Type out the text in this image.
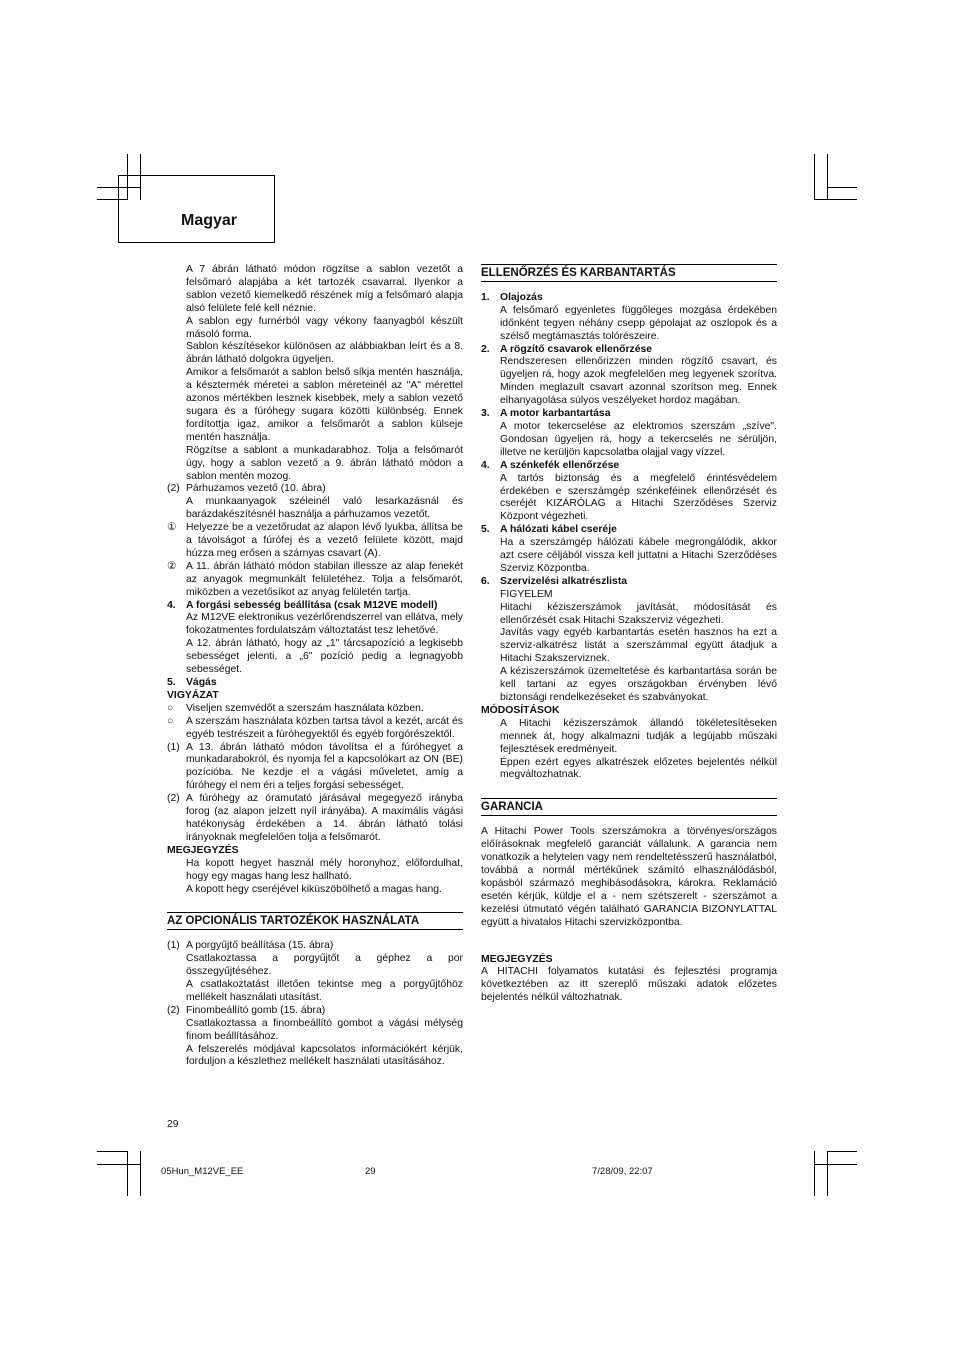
Magyar
A 7 ábrán látható módon rögzítse a sablon vezetőt a felsőmaró alapjába a két tartozék csavarral. Ilyenkor a sablon vezető kiemelkedő részének míg a felsőmaró alapja alsó felülete felé kell néznie.
A sablon egy furnérból vagy vékony faanyagból készült másoló forma.
Sablon készítésekor különösen az alábbiakban leírt és a 8. ábrán látható dolgokra ügyeljen.
Amikor a felsőmarót a sablon belső síkja mentén használja, a késztermék méretei a sablon méreteinél az "A" mérettel azonos mértékben lesznek kisebbek, mely a sablon vezető sugara és a fúróhegy sugara közötti különbség. Ennek fordítottja igaz, amikor a felsőmarót a sablon külseje mentén használja.
Rögzítse a sablont a munkadarabhoz. Tolja a felsőmarót úgy, hogy a sablon vezető a 9. ábrán látható módon a sablon mentén mozog.
(2) Párhuzamos vezető (10. ábra)
A munkaanyagok széleinél való lesarkazásnál és barázdakészítésnél használja a párhuzamos vezetőt.
① Helyezze be a vezetőrudat az alapon lévő lyukba, állítsa be a távolságot a fúrófej és a vezető felülete között, majd húzza meg erősen a szárnyas csavart (A).
② A 11. ábrán látható módon stabilan illessze az alap fenekét az anyagok megmunkált felületéhez. Tolja a felsőmarót, miközben a vezetősíkot az anyag felületén tartja.
4. A forgási sebesség beállítása (csak M12VE modell)
Az M12VE elektronikus vezérlőrendszerrel van ellátva, mely fokozatmentes fordulatszám változtatást tesz lehetővé.
A 12. ábrán látható, hogy az „1" tárcsapozíció a legkisebb sebességet jelenti, a „6" pozíció pedig a legnagyobb sebességet.
5. Vágás
VIGYÁZAT
○	Viseljen szemvédőt a szerszám használata közben.
○	A szerszám használata közben tartsa távol a kezét, arcát és egyéb testrészeit a fúróhegyektől és egyéb forgórészektől.
(1) A 13. ábrán látható módon távolítsa el a fúróhegyet a munkadarabokról, és nyomja fel a kapcsolókart az ON (BE) pozícióba. Ne kezdje el a vágási műveletet, amíg a fúróhegy el nem éri a teljes forgási sebességet.
(2) A fúróhegy az óramutató járásával megegyező irányba forog (az alapon jelzett nyíl irányába). A maximális vágási hatékonyság érdekében a 14. ábrán látható tolási irányoknak megfelelően tolja a felsőmarót.
MEGJEGYZÉS
Ha kopott hegyet használ mély horonyhoz, előfordulhat, hogy egy magas hang lesz hallható.
A kopott hegy cseréjével kiküszöbölhető a magas hang.
AZ OPCIONÁLIS TARTOZÉKOK HASZNÁLATA
(1) A porgyűjtő beállítása (15. ábra)
Csatlakoztassa a porgyűjtőt a géphez a por összegyűjtéséhez.
A csatlakoztatást illetően tekintse meg a porgyűjtőhöz mellékelt használati utasítást.
(2) Finombeállító gomb (15. ábra)
Csatlakoztassa a finombeállító gombot a vágási mélység finom beállításához.
A felszerelés módjával kapcsolatos információkért kérjük, forduljon a készlethez mellékelt használati utasításához.
ELLENŐRZÉS ÉS KARBANTARTÁS
1. Olajozás
A felsőmaró egyenletes függőleges mozgása érdekében időnként tegyen néhány csepp gépolajat az oszlopok és a szélső megtámasztás tolórészeire.
2. A rögzítő csavarok ellenőrzése
Rendszeresen ellenőrizzen minden rögzítő csavart, és ügyeljen rá, hogy azok megfelelően meg legyenek szorítva. Minden meglazult csavart azonnal szorítson meg. Ennek elhanyagolása súlyos veszélyeket hordoz magában.
3. A motor karbantartása
A motor tekercselése az elektromos szerszám „szíve". Gondosan ügyeljen rá, hogy a tekercselés ne sérüljön, illetve ne kerüljön kapcsolatba olajjal vagy vízzel.
4. A szénkefék ellenőrzése
A tartós biztonság és a megfelelő érintésvédelem érdekében e szerszámgép szénkeféinek ellenőrzését és cseréjét KIZÁRÓLAG a Hitachi Szerződéses Szerviz Központ végezheti.
5. A hálózati kábel cseréje
Ha a szerszámgép hálózati kábele megrongálódik, akkor azt csere céljából vissza kell juttatni a Hitachi Szerződéses Szerviz Központba.
6. Szervizelési alkatrészlista
FIGYELEM
Hitachi kéziszerszámok javítását, módosítását és ellenőrzését csak Hitachi Szakszerviz végezheti.
Javítás vagy egyéb karbantartás esetén hasznos ha ezt a szerviz-alkatrész listát a szerszámmal együtt átadjuk a Hitachi Szakszerviznek.
A kéziszerszámok üzemeltetése és karbantartása során be kell tartani az egyes országokban érvényben lévő biztonsági rendelkezéseket és szabványokat.
MÓDOSÍTÁSOK
A Hitachi kéziszerszámok állandó tökéletesítéseken mennek át, hogy alkalmazni tudják a legújabb műszaki fejlesztések eredményeit.
Éppen ezért egyes alkatrészek előzetes bejelentés nélkül megváltozhatnak.
GARANCIA
A Hitachi Power Tools szerszámokra a törvényes/országos előírásoknak megfelelő garanciát vállalunk. A garancia nem vonatkozik a helytelen vagy nem rendeltetésszerű használatból, továbbá a normál mértékűnek számító elhasználódásból, kopásból származó meghibásodásokra, károkra. Reklamáció esetén kérjük, küldje el a - nem szétszerelt - szerszámot a kezelési útmutató végén található GARANCIA BIZONYLATTAL együtt a hivatalos Hitachi szervizközpontba.
MEGJEGYZÉS
A HITACHI folyamatos kutatási és fejlesztési programja következtében az itt szereplő műszaki adatok előzetes bejelentés nélkül változhatnak.
29
05Hun_M12VE_EE	29	7/28/09, 22:07
